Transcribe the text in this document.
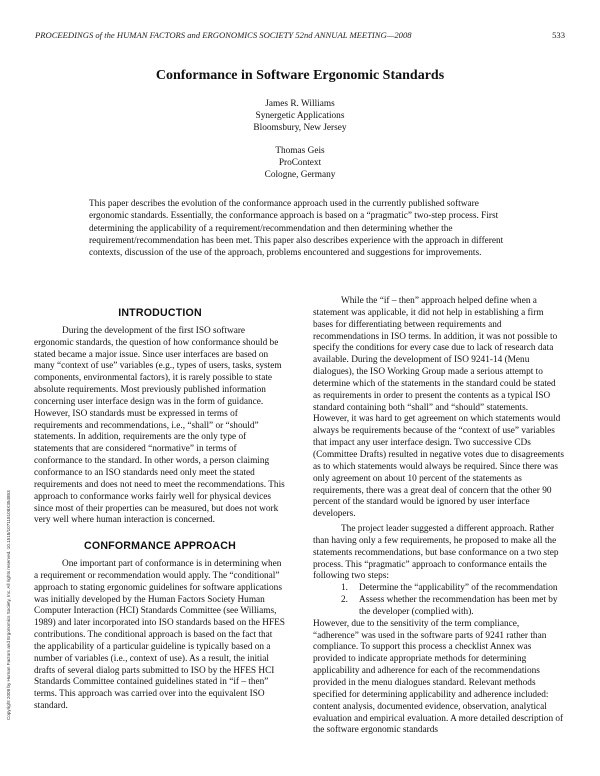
PROCEEDINGS of the HUMAN FACTORS and ERGONOMICS SOCIETY 52nd ANNUAL MEETING—2008	533
Conformance in Software Ergonomic Standards
James R. Williams
Synergetic Applications
Bloomsbury, New Jersey
Thomas Geis
ProContext
Cologne, Germany
This paper describes the evolution of the conformance approach used in the currently published software ergonomic standards. Essentially, the conformance approach is based on a “pragmatic” two-step process. First determining the applicability of a requirement/recommendation and then determining whether the requirement/recommendation has been met. This paper also describes experience with the approach in different contexts, discussion of the use of the approach, problems encountered and suggestions for improvements.
Copyright 2008 by Human Factors and Ergonomics Society, Inc. All rights reserved. 10.1518/107118108X354853
INTRODUCTION

During the development of the first ISO software ergonomic standards, the question of how conformance should be stated became a major issue. Since user interfaces are based on many “context of use” variables (e.g., types of users, tasks, system components, environmental factors), it is rarely possible to state absolute requirements. Most previously published information concerning user interface design was in the form of guidance. However, ISO standards must be expressed in terms of requirements and recommendations, i.e., “shall” or “should” statements. In addition, requirements are the only type of statements that are considered “normative” in terms of conformance to the standard. In other words, a person claiming conformance to an ISO standards need only meet the stated requirements and does not need to meet the recommendations. This approach to conformance works fairly well for physical devices since most of their properties can be measured, but does not work very well where human interaction is concerned.

CONFORMANCE APPROACH

One important part of conformance is in determining when a requirement or recommendation would apply. The “conditional” approach to stating ergonomic guidelines for software applications was initially developed by the Human Factors Society Human Computer Interaction (HCI) Standards Committee (see Williams, 1989) and later incorporated into ISO standards based on the HFES contributions. The conditional approach is based on the fact that the applicability of a particular guideline is typically based on a number of variables (i.e., context of use). As a result, the initial drafts of several dialog parts submitted to ISO by the HFES HCI Standards Committee contained guidelines stated in “if – then” terms. This approach was carried over into the equivalent ISO standard.

While the “if – then” approach helped define when a statement was applicable, it did not help in establishing a firm bases for differentiating between requirements and recommendations in ISO terms. In addition, it was not possible to specify the conditions for every case due to lack of research data available. During the development of ISO 9241-14 (Menu dialogues), the ISO Working Group made a serious attempt to determine which of the statements in the standard could be stated as requirements in order to present the contents as a typical ISO standard containing both “shall” and “should” statements. However, it was hard to get agreement on which statements would always be requirements because of the “context of use” variables that impact any user interface design. Two successive CDs (Committee Drafts) resulted in negative votes due to disagreements as to which statements would always be required. Since there was only agreement on about 10 percent of the statements as requirements, there was a great deal of concern that the other 90 percent of the standard would be ignored by user interface developers.

The project leader suggested a different approach. Rather than having only a few requirements, he proposed to make all the statements recommendations, but base conformance on a two step process. This “pragmatic” approach to conformance entails the following two steps:

1. Determine the “applicability” of the recommendation
2. Assess whether the recommendation has been met by the developer (complied with).

However, due to the sensitivity of the term compliance, “adherence” was used in the software parts of 9241 rather than compliance. To support this process a checklist Annex was provided to indicate appropriate methods for determining applicability and adherence for each of the recommendations provided in the menu dialogues standard. Relevant methods specified for determining applicability and adherence included: content analysis, documented evidence, observation, analytical evaluation and empirical evaluation. A more detailed description of the software ergonomic standards
